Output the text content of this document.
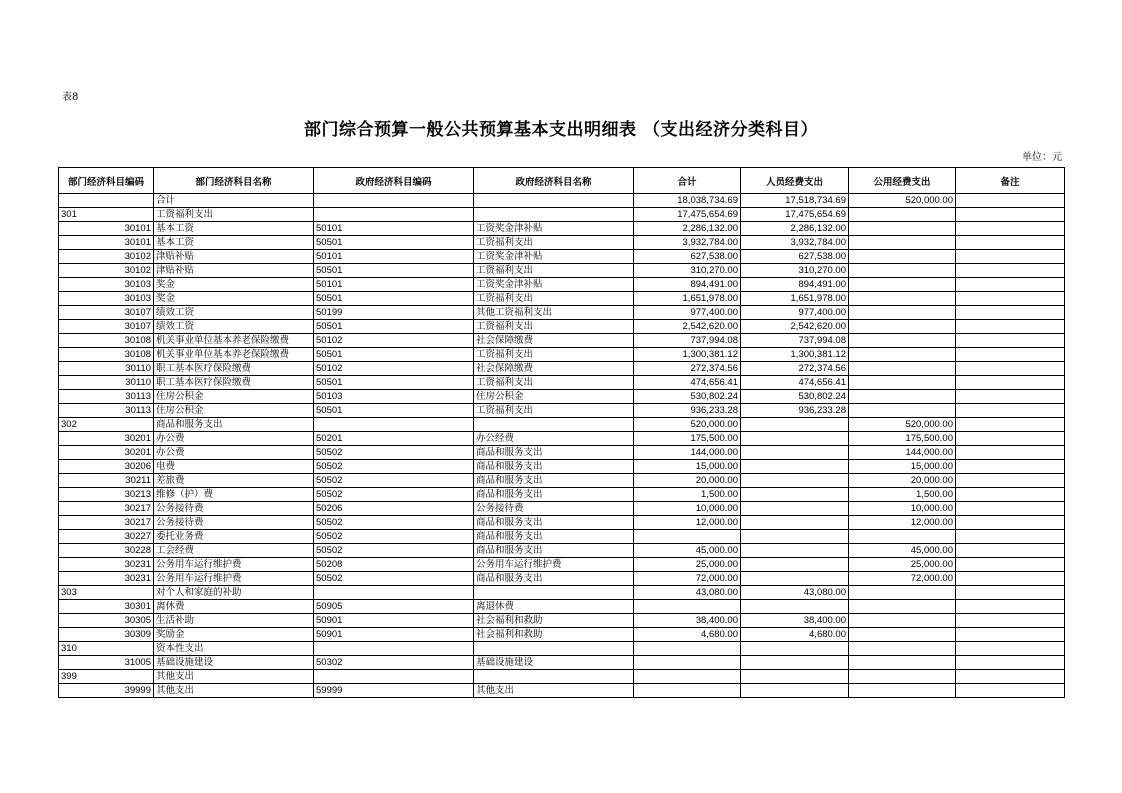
表8
部门综合预算一般公共预算基本支出明细表 （支出经济分类科目）
单位：元
部门经济科目编码	部门经济科目名称	政府经济科目编码	政府经济科目名称	合计	人员经费支出	公用经费支出	备注
	合计			18,038,734.69	17,518,734.69	520,000.00	
301	工资福利支出			17,475,654.69	17,475,654.69		
30101	基本工资	50101	工资奖金津补贴	2,286,132.00	2,286,132.00		
30101	基本工资	50501	工资福利支出	3,932,784.00	3,932,784.00		
30102	津贴补贴	50101	工资奖金津补贴	627,538.00	627,538.00		
30102	津贴补贴	50501	工资福利支出	310,270.00	310,270.00		
30103	奖金	50101	工资奖金津补贴	894,491.00	894,491.00		
30103	奖金	50501	工资福利支出	1,651,978.00	1,651,978.00		
30107	绩效工资	50199	其他工资福利支出	977,400.00	977,400.00		
30107	绩效工资	50501	工资福利支出	2,542,620.00	2,542,620.00		
30108	机关事业单位基本养老保险缴费	50102	社会保障缴费	737,994.08	737,994.08		
30108	机关事业单位基本养老保险缴费	50501	工资福利支出	1,300,381.12	1,300,381.12		
30110	职工基本医疗保险缴费	50102	社会保障缴费	272,374.56	272,374.56		
30110	职工基本医疗保险缴费	50501	工资福利支出	474,656.41	474,656.41		
30113	住房公积金	50103	住房公积金	530,802.24	530,802.24		
30113	住房公积金	50501	工资福利支出	936,233.28	936,233.28		
302	商品和服务支出			520,000.00		520,000.00	
30201	办公费	50201	办公经费	175,500.00		175,500.00	
30201	办公费	50502	商品和服务支出	144,000.00		144,000.00	
30206	电费	50502	商品和服务支出	15,000.00		15,000.00	
30211	差旅费	50502	商品和服务支出	20,000.00		20,000.00	
30213	维修（护）费	50502	商品和服务支出	1,500.00		1,500.00	
30217	公务接待费	50206	公务接待费	10,000.00		10,000.00	
30217	公务接待费	50502	商品和服务支出	12,000.00		12,000.00	
30227	委托业务费	50502	商品和服务支出				
30228	工会经费	50502	商品和服务支出	45,000.00		45,000.00	
30231	公务用车运行维护费	50208	公务用车运行维护费	25,000.00		25,000.00	
30231	公务用车运行维护费	50502	商品和服务支出	72,000.00		72,000.00	
303	对个人和家庭的补助			43,080.00	43,080.00		
30301	离休费	50905	离退休费				
30305	生活补助	50901	社会福利和救助	38,400.00	38,400.00		
30309	奖励金	50901	社会福利和救助	4,680.00	4,680.00		
310	资本性支出						
31005	基础设施建设	50302	基础设施建设				
399	其他支出						
39999	其他支出	59999	其他支出				
